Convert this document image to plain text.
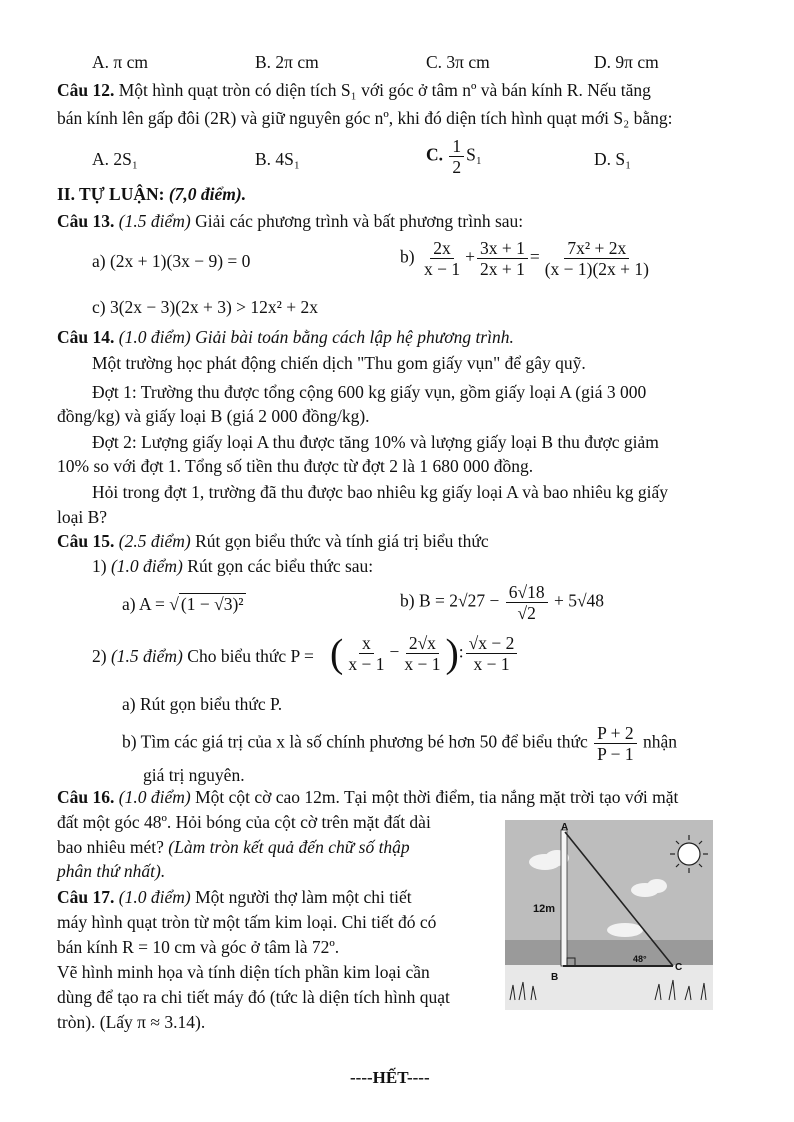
A. π cm	B. 2π cm	C. 3π cm	D. 9π cm
Câu 12. Một hình quạt tròn có diện tích S₁ với góc ở tâm nº và bán kính R. Nếu tăng
bán kính lên gấp đôi (2R) và giữ nguyên góc nº, khi đó diện tích hình quạt mới S₂ bằng:
A. 2S₁	B. 4S₁	C. $\frac{1}{2} S_1$	D. S₁
II. TỰ LUẬN: (7,0 điểm).
Câu 13. (1.5 điểm) Giải các phương trình và bất phương trình sau:
a) (2x + 1)(3x − 9) = 0	$b) \frac{2x}{x - 1} + \frac{3x + 1}{2x + 1} = \frac{\text{7x² + 2x}}{(x - 1)(2x + 1)}$
c) 3(2x − 3)(2x + 3) > 12x² + 2x
Câu 14. (1.0 điểm) Giải bài toán bằng cách lập hệ phương trình.
Một trường học phát động chiến dịch "Thu gom giấy vụn" để gây quỹ.
Đợt 1: Trường thu được tổng cộng 600 kg giấy vụn, gồm giấy loại A (giá 3 000
đồng/kg) và giấy loại B (giá 2 000 đồng/kg).
Đợt 2: Lượng giấy loại A thu được tăng 10% và lượng giấy loại B thu được giảm
10% so với đợt 1. Tổng số tiền thu được từ đợt 2 là 1 680 000 đồng.
Hỏi trong đợt 1, trường đã thu được bao nhiêu kg giấy loại A và bao nhiêu kg giấy
loại B?
Câu 15. (2.5 điểm) Rút gọn biểu thức và tính giá trị biểu thức
1) (1.0 điểm) Rút gọn các biểu thức sau:
a) A = √ (1 − √3)²	b) $B = 2√27 - \frac{6√18}{√2} + 5√48$
2) (1.5 điểm) Cho biểu thức P = ( $\frac{x}{x - 1} - \frac{2√x}{x - 1}$ ): $\frac{√x - 2}{x - 1}$
a) Rút gọn biểu thức P.
b) Tìm các giá trị của x là số chính phương bé hơn 50 để biểu thức $\frac{P + 2}{P - 1}$ nhận
giá trị nguyên.
Câu 16. (1.0 điểm) Một cột cờ cao 12m. Tại một thời điểm, tia nắng mặt trời tạo với mặt
đất một góc 48º. Hỏi bóng của cột cờ trên mặt đất dài
bao nhiêu mét? (Làm tròn kết quả đến chữ số thập
phân thứ nhất).
Câu 17. (1.0 điểm) Một người thợ làm một chi tiết
máy hình quạt tròn từ một tấm kim loại. Chi tiết đó có
bán kính R = 10 cm và góc ở tâm là 72º.
Vẽ hình minh họa và tính diện tích phần kim loại cần
dùng để tạo ra chi tiết máy đó (tức là diện tích hình quạt
tròn). (Lấy π ≈ 3.14).
12m
48°
A
B
C
----HẾT----
